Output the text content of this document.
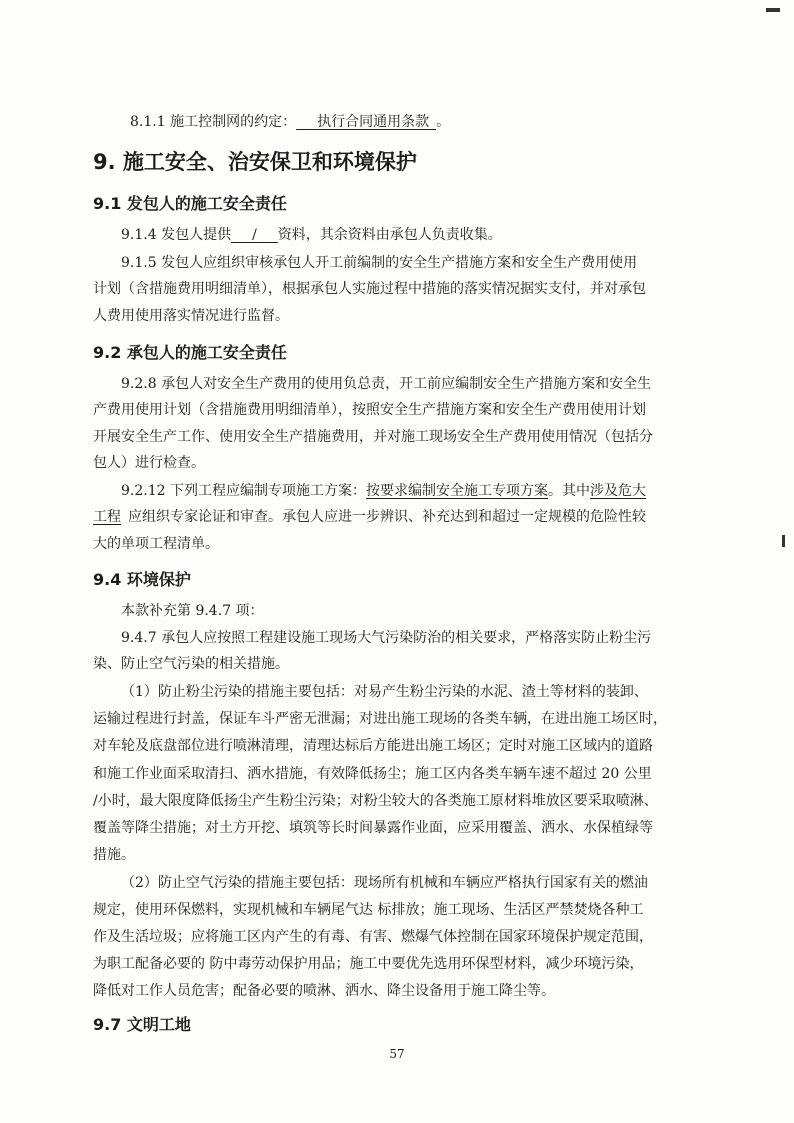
8.1.1 施工控制网的约定：   执行合同通用条款  。
9. 施工安全、治安保卫和环境保护
9.1 发包人的施工安全责任
9.1.4 发包人提供   /   资料，其余资料由承包人负责收集。
9.1.5 发包人应组织审核承包人开工前编制的安全生产措施方案和安全生产费用使用
计划（含措施费用明细清单），根据承包人实施过程中措施的落实情况据实支付，并对承包
人费用使用落实情况进行监督。
9.2 承包人的施工安全责任
9.2.8 承包人对安全生产费用的使用负总责，开工前应编制安全生产措施方案和安全生
产费用使用计划（含措施费用明细清单），按照安全生产措施方案和安全生产费用使用计划
开展安全生产工作、使用安全生产措施费用，并对施工现场安全生产费用使用情况（包括分
包人）进行检查。
9.2.12 下列工程应编制专项施工方案：按要求编制安全施工专项方案。其中涉及危大
工程  应组织专家论证和审查。承包人应进一步辨识、补充达到和超过一定规模的危险性较
大的单项工程清单。
9.4 环境保护
本款补充第 9.4.7 项：
9.4.7 承包人应按照工程建设施工现场大气污染防治的相关要求，严格落实防止粉尘污
染、防止空气污染的相关措施。
（1）防止粉尘污染的措施主要包括：对易产生粉尘污染的水泥、渣土等材料的装卸、
运输过程进行封盖，保证车斗严密无泄漏；对进出施工现场的各类车辆，在进出施工场区时，
对车轮及底盘部位进行喷淋清理，清理达标后方能进出施工场区；定时对施工区域内的道路
和施工作业面采取清扫、洒水措施，有效降低扬尘；施工区内各类车辆车速不超过 20 公里
/小时，最大限度降低扬尘产生粉尘污染；对粉尘较大的各类施工原材料堆放区要采取喷淋、
覆盖等降尘措施；对土方开挖、填筑等长时间暴露作业面，应采用覆盖、洒水、水保植绿等
措施。
（2）防止空气污染的措施主要包括：现场所有机械和车辆应严格执行国家有关的燃油
规定，使用环保燃料，实现机械和车辆尾气达 标排放；施工现场、生活区严禁焚烧各种工
作及生活垃圾；应将施工区内产生的有毒、有害、燃爆气体控制在国家环境保护规定范围，
为职工配备必要的 防中毒劳动保护用品；施工中要优先选用环保型材料，减少环境污染，
降低对工作人员危害；配备必要的喷淋、洒水、降尘设备用于施工降尘等。
9.7 文明工地
57
